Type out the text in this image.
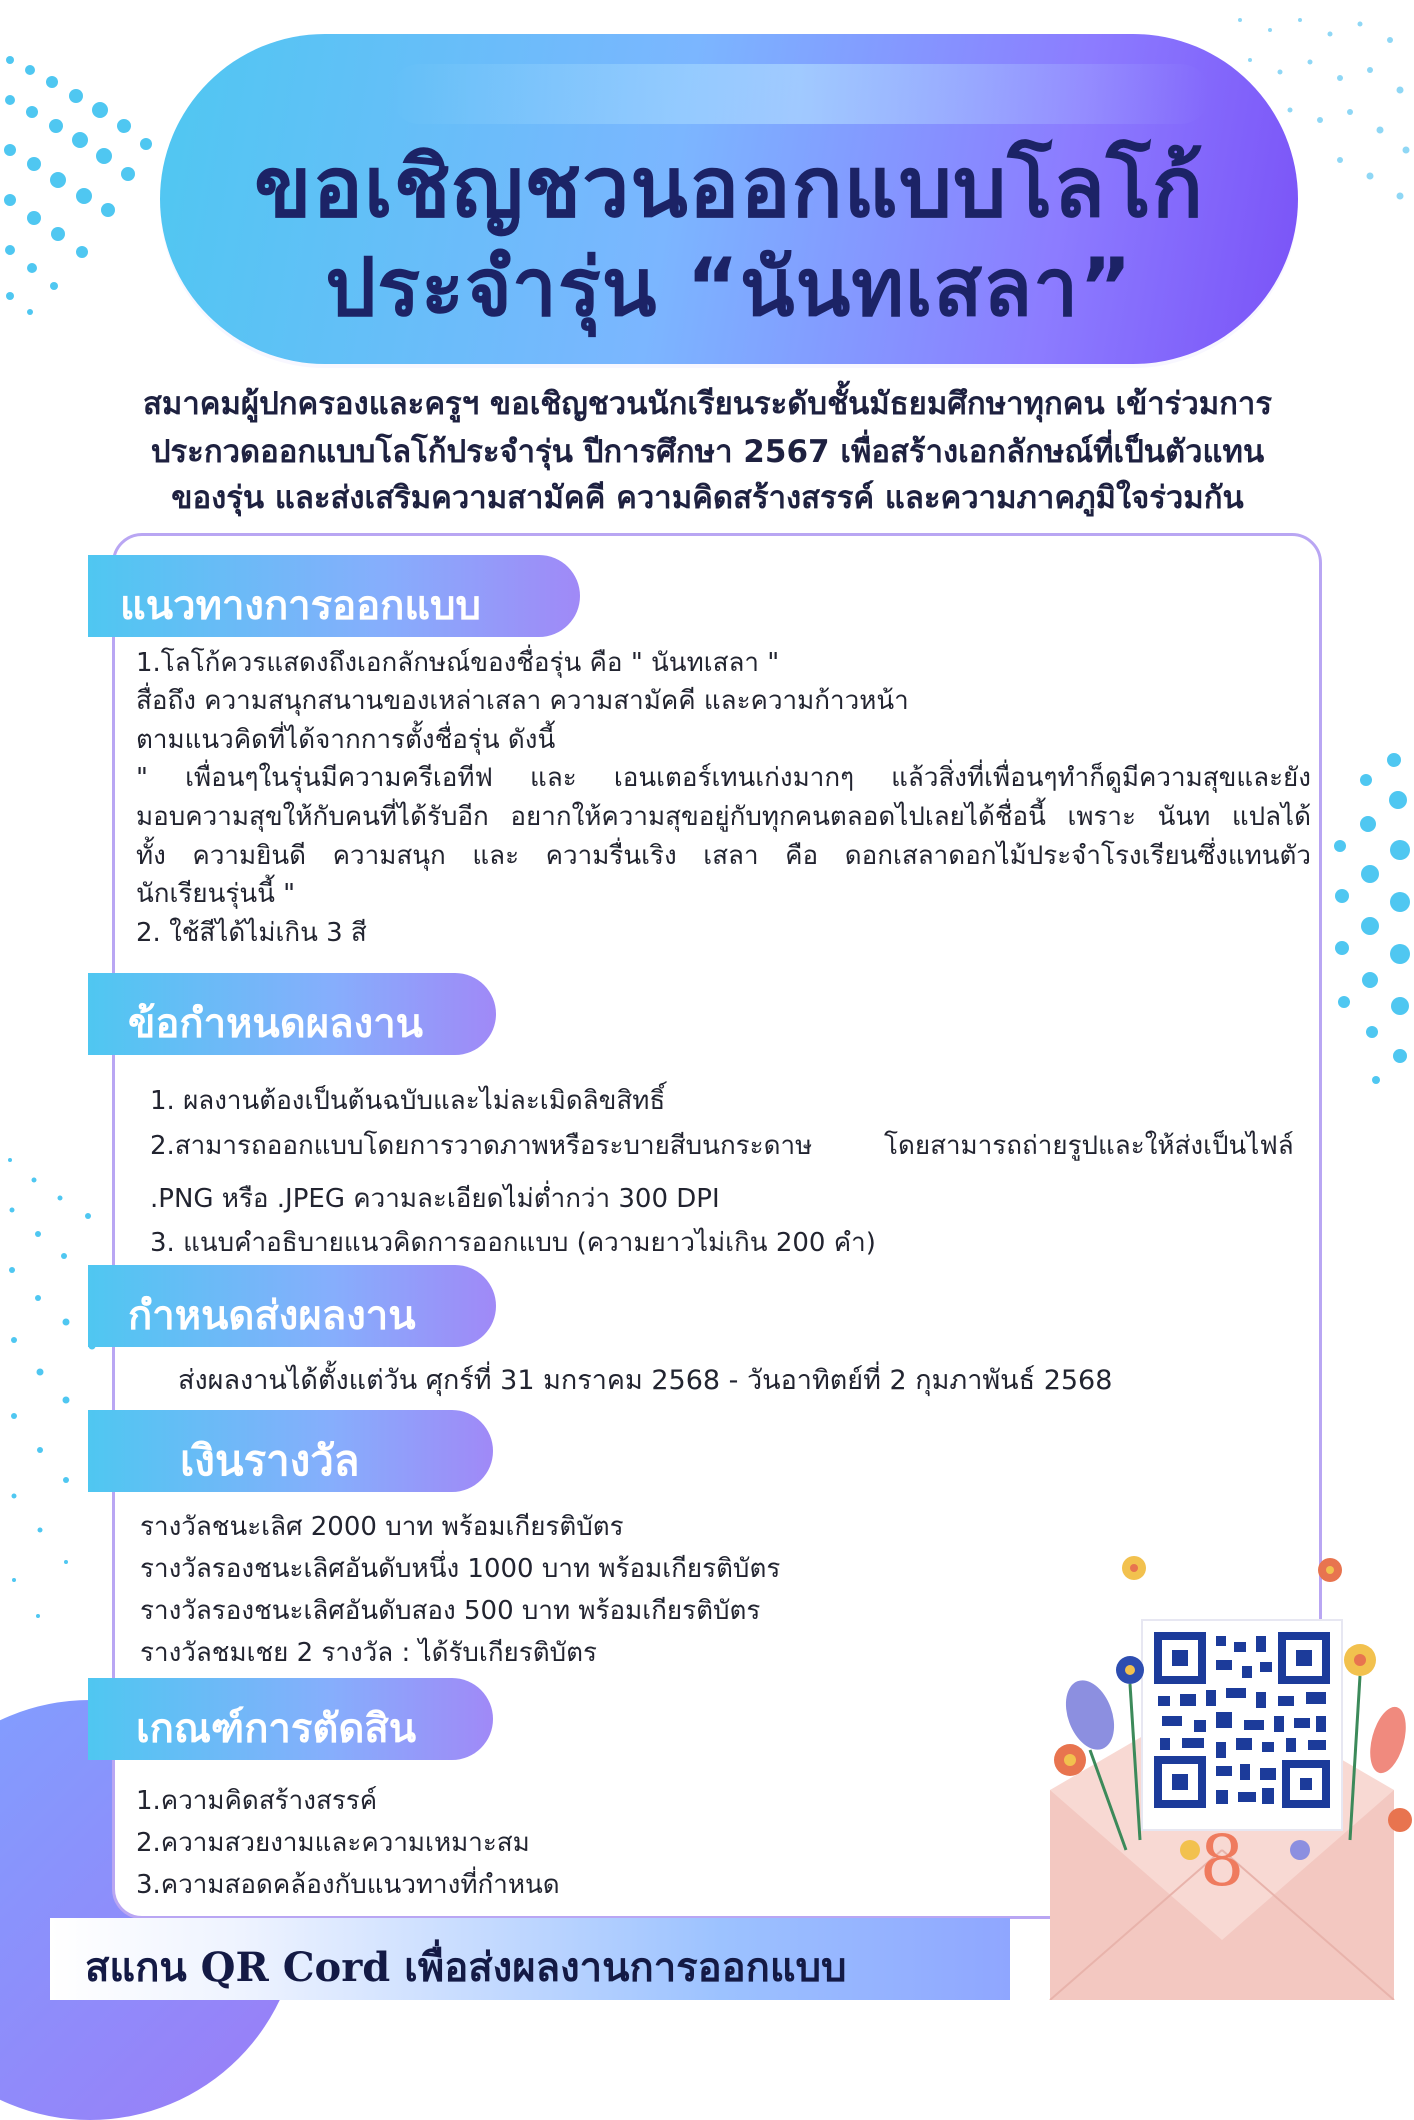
ขอเชิญชวนออกแบบโลโก้
ประจำรุ่น “นันทเสลา”
สมาคมผู้ปกครองและครูฯ ขอเชิญชวนนักเรียนระดับชั้นมัธยมศึกษาทุกคน เข้าร่วมการ
ประกวดออกแบบโลโก้ประจำรุ่น ปีการศึกษา 2567 เพื่อสร้างเอกลักษณ์ที่เป็นตัวแทน
ของรุ่น และส่งเสริมความสามัคคี ความคิดสร้างสรรค์ และความภาคภูมิใจร่วมกัน
แนวทางการออกแบบ
1.โลโก้ควรแสดงถึงเอกลักษณ์ของชื่อรุ่น คือ " นันทเสลา "
สื่อถึง ความสนุกสนานของเหล่าเสลา ความสามัคคี และความก้าวหน้า
ตามแนวคิดที่ได้จากการตั้งชื่อรุ่น ดังนี้
" เพื่อนๆในรุ่นมีความครีเอทีฟ และ เอนเตอร์เทนเก่งมากๆ แล้วสิ่งที่เพื่อนๆทำก็ดูมีความสุขและยัง
มอบความสุขให้กับคนที่ได้รับอีก อยากให้ความสุขอยู่กับทุกคนตลอดไปเลยได้ชื่อนี้ เพราะ นันท แปลได้
ทั้ง ความยินดี ความสนุก และ ความรื่นเริง เสลา คือ ดอกเสลาดอกไม้ประจำโรงเรียนซึ่งแทนตัว
นักเรียนรุ่นนี้ "
2. ใช้สีได้ไม่เกิน 3 สี
ข้อกำหนดผลงาน
1. ผลงานต้องเป็นต้นฉบับและไม่ละเมิดลิขสิทธิ์
2.สามารถออกแบบโดยการวาดภาพหรือระบายสีบนกระดาษ	โดยสามารถถ่ายรูปและให้ส่งเป็นไฟล์
.PNG หรือ .JPEG ความละเอียดไม่ต่ำกว่า 300 DPI
3. แนบคำอธิบายแนวคิดการออกแบบ (ความยาวไม่เกิน 200 คำ)
กำหนดส่งผลงาน
ส่งผลงานได้ตั้งแต่วัน ศุกร์ที่ 31 มกราคม 2568 - วันอาทิตย์ที่ 2 กุมภาพันธ์ 2568
เงินรางวัล
รางวัลชนะเลิศ 2000 บาท พร้อมเกียรติบัตร
รางวัลรองชนะเลิศอันดับหนึ่ง 1000 บาท พร้อมเกียรติบัตร
รางวัลรองชนะเลิศอันดับสอง 500 บาท พร้อมเกียรติบัตร
รางวัลชมเชย 2 รางวัล : ได้รับเกียรติบัตร
เกณฑ์การตัดสิน
1.ความคิดสร้างสรรค์
2.ความสวยงามและความเหมาะสม
3.ความสอดคล้องกับแนวทางที่กำหนด
สแกน QR Cord เพื่อส่งผลงานการออกแบบ
8
